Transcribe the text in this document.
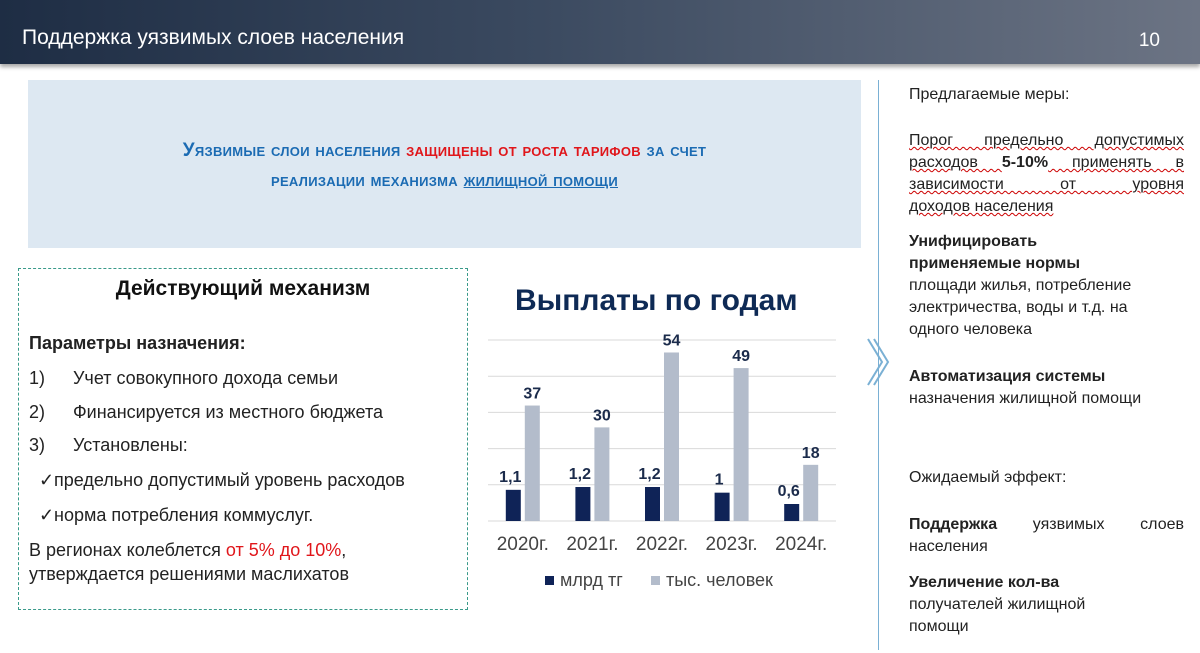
Поддержка уязвимых слоев населения	10
Уязвимые слои населения защищены от роста тарифов за счет
реализации механизма жилищной помощи
Действующий механизм
Параметры назначения:
1) Учет совокупного дохода семьи
2) Финансируется из местного бюджета
3) Установлены:
✓предельно допустимый уровень расходов
✓норма потребления коммуслуг.
В регионах колеблется от 5% до 10%,
утверждается решениями маслихатов
Выплаты по годам
1,1
37
2020г.
1,2
30
2021г.
1,2
54
2022г.
1
49
2023г.
0,6
18
2024г.
млрд тг тыс. человек
Предлагаемые меры:
Порог предельно допустимых
расходов 5-10% применять в
зависимости от уровня
доходов населения
Унифицировать применяемые нормы
площади жилья, потребление электричества, воды и т.д. на одного человека
Автоматизация системы
назначения жилищной помощи
Ожидаемый эффект:
Поддержка уязвимых слоев
населения
Увеличение кол-ва
получателей жилищной помощи
